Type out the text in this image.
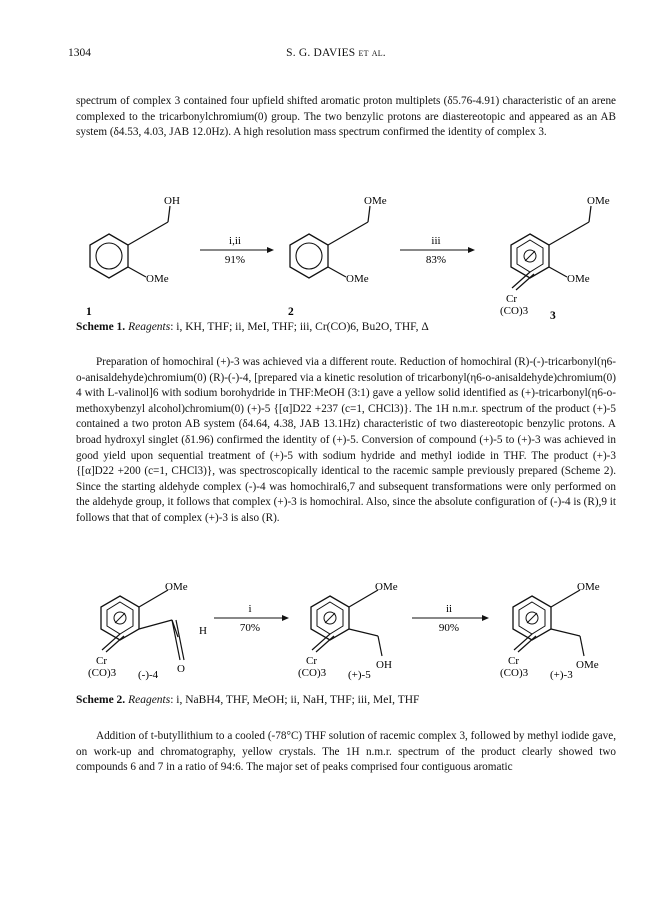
1304	S. G. DAVIES et al.

spectrum of complex 3 contained four upfield shifted aromatic proton multiplets (δ5.76-4.91) characteristic of an arene complexed to the tricarbonylchromium(0) group. The two benzylic protons are diastereotopic and appeared as an AB system (δ4.53, 4.03, JAB 12.0Hz). A high resolution mass spectrum confirmed the identity of complex 3.

OH
OMe
1
i,ii
91%
OMe
OMe
2
iii
83%
OMe
OMe
Cr
(CO)3 3
Scheme 1. Reagents: i, KH, THF; ii, MeI, THF; iii, Cr(CO)6, Bu2O, THF, Δ

Preparation of homochiral (+)-3 was achieved via a different route. Reduction of homochiral (R)-(-)-tricarbonyl(η6-o-anisaldehyde)chromium(0) (R)-(-)-4, [prepared via a kinetic resolution of tricarbonyl(η6-o-anisaldehyde)chromium(0) 4 with L-valinol]6 with sodium borohydride in THF:MeOH (3:1) gave a yellow solid identified as (+)-tricarbonyl(η6-o-methoxybenzyl alcohol)chromium(0) (+)-5 {[α]D22 +237 (c=1, CHCl3)}. The 1H n.m.r. spectrum of the product (+)-5 contained a two proton AB system (δ4.64, 4.38, JAB 13.1Hz) characteristic of two diastereotopic benzylic protons. A broad hydroxyl singlet (δ1.96) confirmed the identity of (+)-5. Conversion of compound (+)-5 to (+)-3 was achieved in good yield upon sequential treatment of (+)-5 with sodium hydride and methyl iodide in THF. The product (+)-3 {[α]D22 +200 (c=1, CHCl3)}, was spectroscopically identical to the racemic sample previously prepared (Scheme 2). Since the starting aldehyde complex (-)-4 was homochiral6,7 and subsequent transformations were only performed on the aldehyde group, it follows that complex (+)-3 is homochiral. Also, since the absolute configuration of (-)-4 is (R),9 it follows that that of complex (+)-3 is also (R).

OMe
H
O
Cr
(CO)3 (-)-4
i
70%
OMe
OH
Cr
(CO)3 (+)-5
ii
90%
OMe
OMe
Cr
(CO)3 (+)-3
Scheme 2. Reagents: i, NaBH4, THF, MeOH; ii, NaH, THF; iii, MeI, THF

Addition of t-butyllithium to a cooled (-78°C) THF solution of racemic complex 3, followed by methyl iodide gave, on work-up and chromatography, yellow crystals. The 1H n.m.r. spectrum of the product clearly showed two compounds 6 and 7 in a ratio of 94:6. The major set of peaks comprised four contiguous aromatic
